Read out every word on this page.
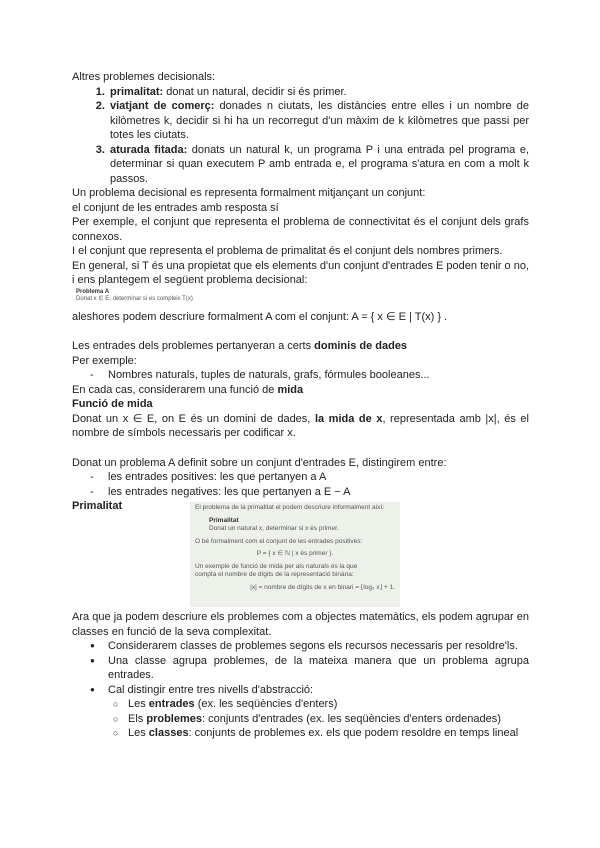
Altres problemes decisionals:

1. primalitat: donat un natural, decidir si és primer.
2. viatjant de comerç: donades n ciutats, les distàncies entre elles i un nombre de kilòmetres k, decidir si hi ha un recorregut d'un màxim de k kilòmetres que passi per totes les ciutats.
3. aturada fitada: donats un natural k, un programa P i una entrada pel programa e, determinar si quan executem P amb entrada e, el programa s'atura en com a molt k passos.

Un problema decisional es representa formalment mitjançant un conjunt:

el conjunt de les entrades amb resposta sí

Per exemple, el conjunt que representa el problema de connectivitat és el conjunt dels grafs connexos.

I el conjunt que representa el problema de primalitat és el conjunt dels nombres primers.

En general, si T és una propietat que els elements d'un conjunt d'entrades E poden tenir o no, i ens plantegem el següent problema decisional:

Problema A
Donat x ∈ E, determinar si es compleix T(x)

aleshores podem descriure formalment A com el conjunt: A = { x ∈ E | T(x) } .

Les entrades dels problemes pertanyeran a certs dominis de dades

Per exemple:

- Nombres naturals, tuples de naturals, grafs, fórmules booleanes...

En cada cas, considerarem una funció de mida

Funció de mida

Donat un x ∈ E, on E és un domini de dades, la mida de x, representada amb |x|, és el nombre de símbols necessaris per codificar x.

Donat un problema A definit sobre un conjunt d'entrades E, distingirem entre:

- les entrades positives: les que pertanyen a A
- les entrades negatives: les que pertanyen a E − A
Primalitat	El problema de la primalitat el podem descriure informalment així:
Primalitat
Donat un natural x, determinar si x és primer.
O bé formalment com el conjunt de les entrades positives:
P = { x ∈ ℕ | x és primer }.
Un exemple de funció de mida per als naturals és la que
compta el nombre de dígits de la representació binària:
|x| = nombre de dígits de x en binari = ⌊log₂ x⌋ + 1.

Ara que ja podem descriure els problemes com a objectes matemàtics, els podem agrupar en classes en funció de la seva complexitat.

● Considerarem classes de problemes segons els recursos necessaris per resoldre'ls.
● Una classe agrupa problemes, de la mateixa manera que un problema agrupa entrades.
● Cal distingir entre tres nivells d'abstracció:
○ Les entrades (ex. les seqüències d'enters)
○ Els problemes: conjunts d'entrades (ex. les seqüències d'enters ordenades)
○ Les classes: conjunts de problemes ex. els que podem resoldre en temps lineal
